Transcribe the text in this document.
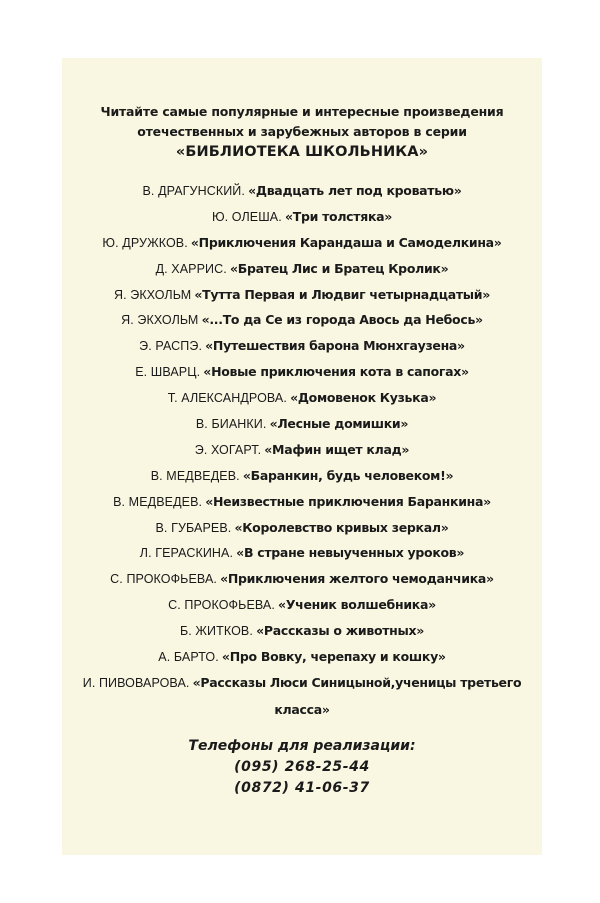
Читайте самые популярные и интересные произведения
отечественных и зарубежных авторов в серии
«БИБЛИОТЕКА ШКОЛЬНИКА»
В. ДРАГУНСКИЙ. «Двадцать лет под кроватью»
Ю. ОЛЕША. «Три толстяка»
Ю. ДРУЖКОВ. «Приключения Карандаша и Самоделкина»
Д. ХАРРИС. «Братец Лис и Братец Кролик»
Я. ЭКХОЛЬМ «Тутта Первая и Людвиг четырнадцатый»
Я. ЭКХОЛЬМ «...То да Се из города Авось да Небось»
Э. РАСПЭ. «Путешествия барона Мюнхгаузена»
Е. ШВАРЦ. «Новые приключения кота в сапогах»
Т. АЛЕКСАНДРОВА. «Домовенок Кузька»
В. БИАНКИ. «Лесные домишки»
Э. ХОГАРТ. «Мафин ищет клад»
В. МЕДВЕДЕВ. «Баранкин, будь человеком!»
В. МЕДВЕДЕВ. «Неизвестные приключения Баранкина»
В. ГУБАРЕВ. «Королевство кривых зеркал»
Л. ГЕРАСКИНА. «В стране невыученных уроков»
С. ПРОКОФЬЕВА. «Приключения желтого чемоданчика»
С. ПРОКОФЬЕВА. «Ученик волшебника»
Б. ЖИТКОВ. «Рассказы о животных»
А. БАРТО. «Про Вовку, черепаху и кошку»
И. ПИВОВАРОВА. «Рассказы Люси Синицыной,ученицы третьего класса»
Телефоны для реализации:
(095) 268-25-44
(0872) 41-06-37
